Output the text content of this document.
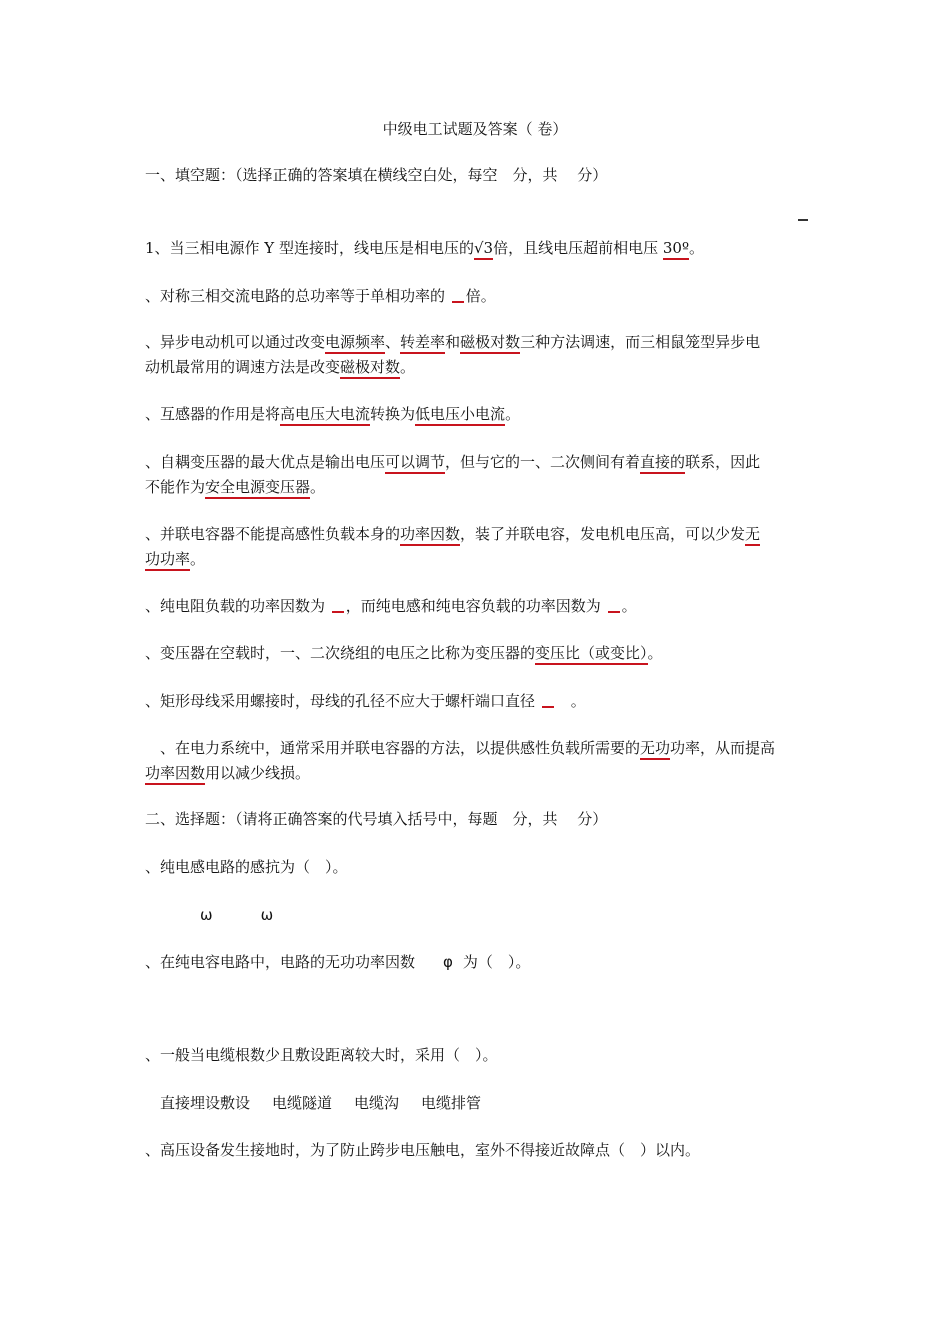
中级电工试题及答案（ 卷）
一、填空题：（选择正确的答案填在横线空白处，每空　分，共　 分）
1、当三相电源作 Y 型连接时，线电压是相电压的√3倍，且线电压超前相电压 30º。
、对称三相交流电路的总功率等于单相功率的 倍。
、异步电动机可以通过改变电源频率、转差率和磁极对数三种方法调速，而三相鼠笼型异步电
动机最常用的调速方法是改变磁极对数。
、互感器的作用是将高电压大电流转换为低电压小电流。
、自耦变压器的最大优点是输出电压可以调节，但与它的一、二次侧间有着直接的联系，因此
不能作为安全电源变压器。
、并联电容器不能提高感性负载本身的功率因数，装了并联电容，发电机电压高，可以少发无
功功率。
、纯电阻负载的功率因数为 ，而纯电感和纯电容负载的功率因数为 。
、变压器在空载时，一、二次绕组的电压之比称为变压器的变压比（或变比）。
、矩形母线采用螺接时，母线的孔径不应大于螺杆端口直径 　。
　、在电力系统中，通常采用并联电容器的方法，以提供感性负载所需要的无功功率，从而提高
功率因数用以减少线损。
二、选择题：（请将正确答案的代号填入括号中，每题　分，共　 分）
、纯电感电路的感抗为（　）。
ω	ω
、在纯电容电路中，电路的无功功率因数 φ 为（　）。
、一般当电缆根数少且敷设距离较大时，采用（　）。
直接埋设敷设 电缆隧道 电缆沟 电缆排管
、高压设备发生接地时，为了防止跨步电压触电，室外不得接近故障点（　）以内。
